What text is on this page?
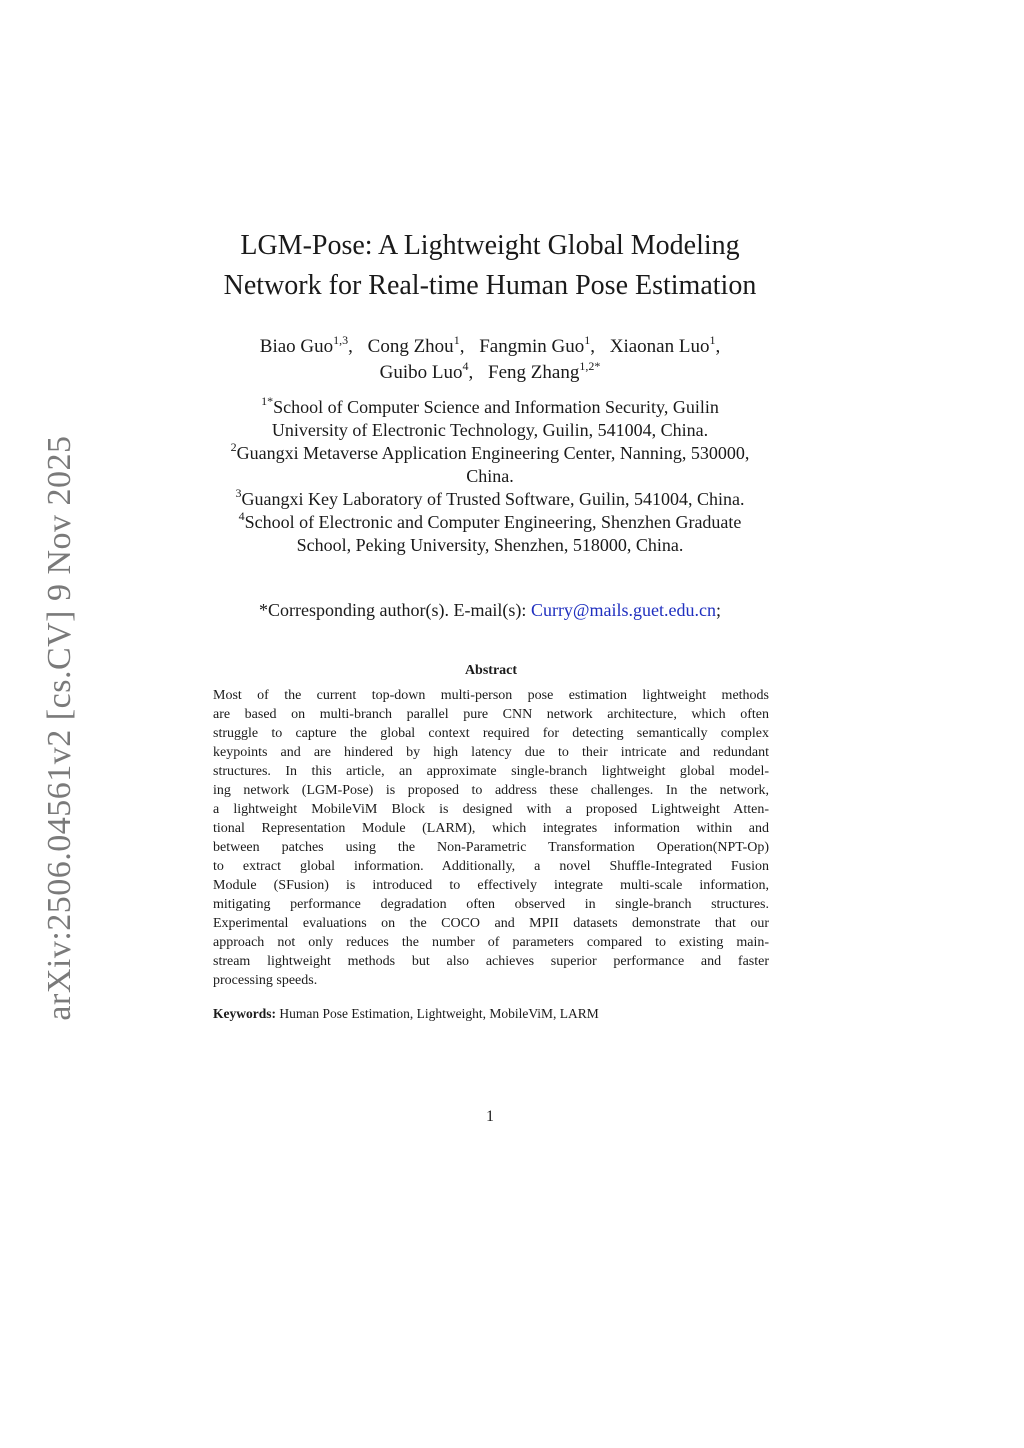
arXiv:2506.04561v2 [cs.CV] 9 Nov 2025
LGM-Pose: A Lightweight Global Modeling
Network for Real-time Human Pose Estimation
Biao Guo$^{1,3}$, Cong Zhou$^1$, Fangmin Guo$^1$, Xiaonan Luo$^1$,
Guibo Luo$^4$, Feng Zhang$^{1,2*}$
$^{1*}$School of Computer Science and Information Security, Guilin
University of Electronic Technology, Guilin, 541004, China.
$^2$Guangxi Metaverse Application Engineering Center, Nanning, 530000,
China.
$^3$Guangxi Key Laboratory of Trusted Software, Guilin, 541004, China.
$^4$School of Electronic and Computer Engineering, Shenzhen Graduate
School, Peking University, Shenzhen, 518000, China.
*Corresponding author(s). E-mail(s): Curry@mails.guet.edu.cn;
Abstract
Most of the current top-down multi-person pose estimation lightweight methods
are based on multi-branch parallel pure CNN network architecture, which often
struggle to capture the global context required for detecting semantically complex
keypoints and are hindered by high latency due to their intricate and redundant
structures. In this article, an approximate single-branch lightweight global model-
ing network (LGM-Pose) is proposed to address these challenges. In the network,
a lightweight MobileViM Block is designed with a proposed Lightweight Atten-
tional Representation Module (LARM), which integrates information within and
between patches using the Non-Parametric Transformation Operation(NPT-Op)
to extract global information. Additionally, a novel Shuffle-Integrated Fusion
Module (SFusion) is introduced to effectively integrate multi-scale information,
mitigating performance degradation often observed in single-branch structures.
Experimental evaluations on the COCO and MPII datasets demonstrate that our
approach not only reduces the number of parameters compared to existing main-
stream lightweight methods but also achieves superior performance and faster
processing speeds.
Keywords: Human Pose Estimation, Lightweight, MobileViM, LARM
1
